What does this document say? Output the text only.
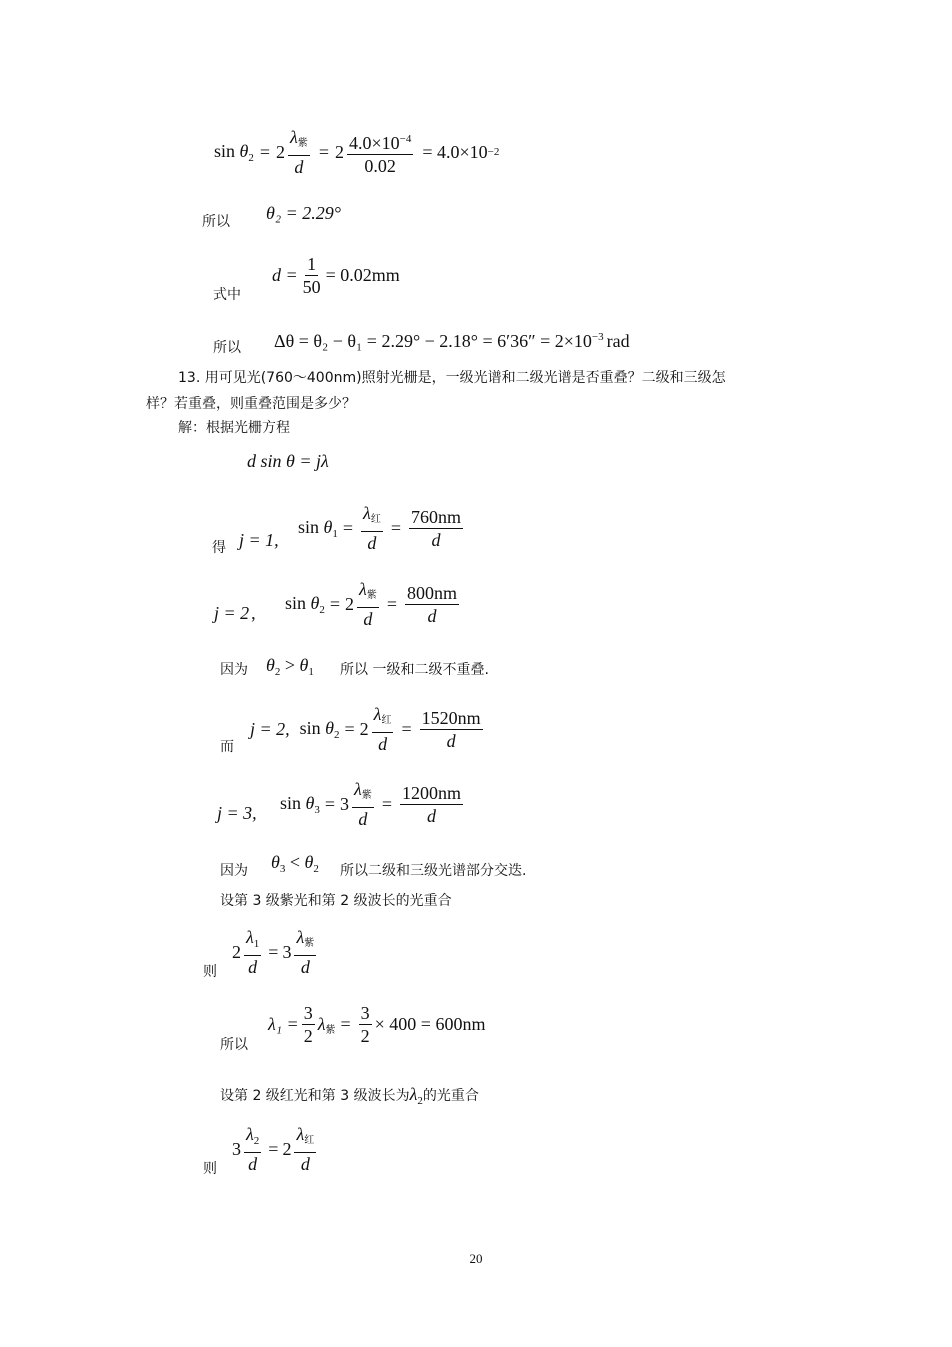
$\sin \theta_2 = 2 \frac{\text{λ紫}}{d} = 2 \frac{4.0\times 10^{-4}}{0.02} = 4.0\times 10 -2$
所以 θ₂ = 2.29°
$d = \frac{1}{50} = 0.02mm$
式中
所以 $\Delta\theta = \theta_2 - \theta_1 = 2.29^\circ - 2.18^\circ = 6'36'' = 2\times 10^{-3}$ rad
13. 用可见光(760～400nm)照射光栅是，一级光谱和二级光谱是否重叠？二级和三级怎
样？若重叠，则重叠范围是多少？
解：根据光栅方程
d sin θ = jλ
得 j = 1,
$\sin \theta_1 = \frac{\text{λ红}}{d} = \frac{760nm}{d}$
j = 2 ,
$\sin \theta_2 = 2 \frac{\text{λ紫}}{d} = \frac{800nm}{d}$
因为 $\theta_2 > \theta_1$ 所以 一级和二级不重叠.
而
j = 2, $\sin \theta_2 = 2 \frac{\text{λ红}}{d} = \frac{1520nm}{d}$
j = 3,
$\sin \theta_3 = 3 \frac{\text{λ紫}}{d} = \frac{1200nm}{d}$
因为 $\theta_3 < \theta_2$ 所以二级和三级光谱部分交迭.
设第 3 级紫光和第 2 级波长的光重合
则
$2 \frac{\lambda_1}{d} = 3 \frac{\text{λ紫}}{d}$
所以
$\lambda_1 = \frac{3}{2}$ λ紫 = $\frac{3}{2} \times 400 = 600nm$
设第 2 级红光和第 3 级波长为$\lambda_2$的光重合
则
$3 \frac{\lambda_2}{d} = 2 \frac{\text{λ红}}{d}$
20
